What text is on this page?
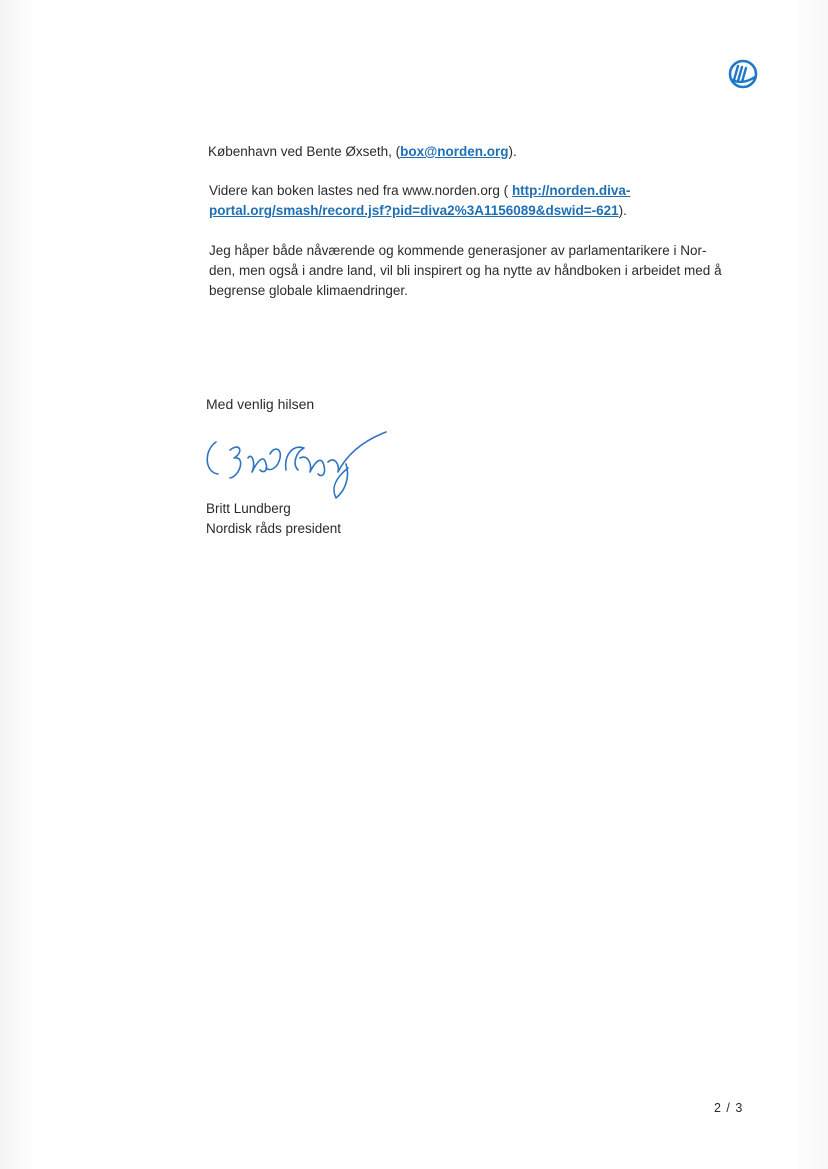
København ved Bente Øxseth, (box@norden.org).
Videre kan boken lastes ned fra www.norden.org ( http://norden.diva-
portal.org/smash/record.jsf?pid=diva2%3A1156089&dswid=-621).
Jeg håper både nåværende og kommende generasjoner av parlamentarikere i Nor-
den, men også i andre land, vil bli inspirert og ha nytte av håndboken i arbeidet med å
begrense globale klimaendringer.
Med venlig hilsen
Britt Lundberg
Nordisk råds president
2 / 3
